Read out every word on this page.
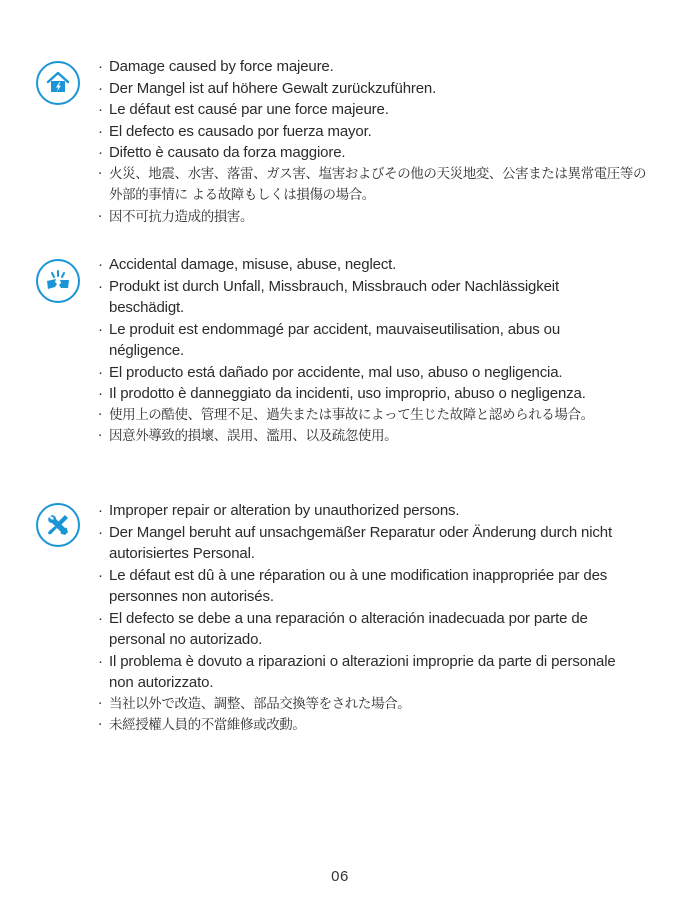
· Damage caused by force majeure.
· Der Mangel ist auf höhere Gewalt zurückzuführen.
· Le défaut est causé par une force majeure.
· El defecto es causado por fuerza mayor.
· Difetto è causato da forza maggiore.
· 火災、地震、水害、落雷、ガス害、塩害およびその他の天災地変、公害または異常電圧等の外部的事情に よる故障もしくは損傷の場合。
· 因不可抗力造成的損害。
· Accidental damage, misuse, abuse, neglect.
· Produkt ist durch Unfall, Missbrauch, Missbrauch oder Nachlässigkeit beschädigt.
· Le produit est endommagé par accident, mauvaiseutilisation, abus ou négligence.
· El producto está dañado por accidente, mal uso, abuso o negligencia.
· Il prodotto è danneggiato da incidenti, uso improprio, abuso o negligenza.
· 使用上の酷使、管理不足、過失または事故によって生じた故障と認められる場合。
· 因意外導致的損壞、誤用、濫用、以及疏忽使用。
· Improper repair or alteration by unauthorized persons.
· Der Mangel beruht auf unsachgemäßer Reparatur oder Änderung durch nicht autorisiertes Personal.
· Le défaut est dû à une réparation ou à une modification inappropriée par des personnes non autorisés.
· El defecto se debe a una reparación o alteración inadecuada por parte de personal no autorizado.
· Il problema è dovuto a riparazioni o alterazioni improprie da parte di personale non autorizzato.
· 当社以外で改造、調整、部品交換等をされた場合。
· 未經授權人員的不當維修或改動。
06
